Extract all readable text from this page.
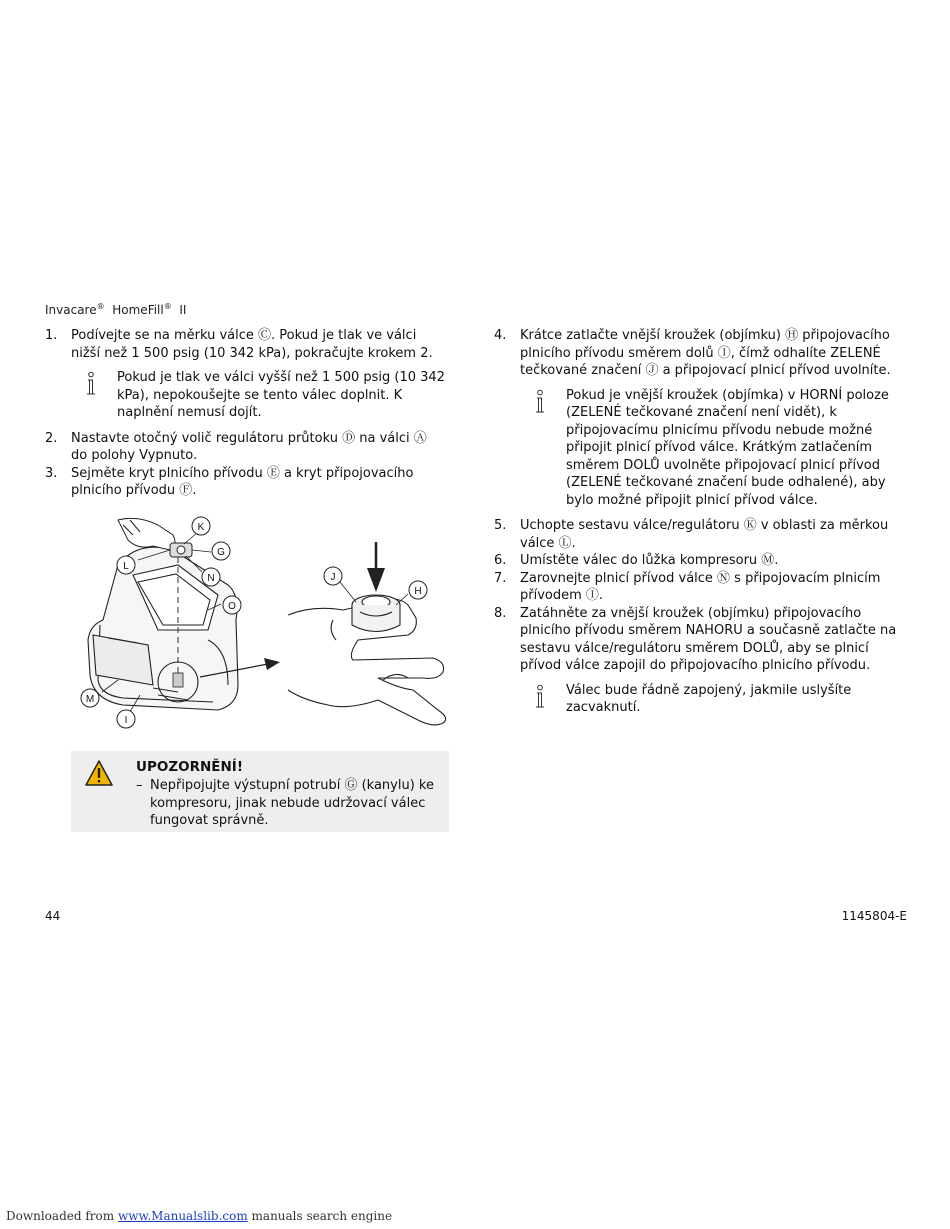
Invacare® HomeFill® II
1. Podívejte se na měrku válce Ⓒ. Pokud je tlak ve válci nižší než 1 500 psig (10 342 kPa), pokračujte krokem 2.
Pokud je tlak ve válci vyšší než 1 500 psig (10 342 kPa), nepokoušejte se tento válec doplnit. K naplnění nemusí dojít.
2. Nastavte otočný volič regulátoru průtoku Ⓓ na válci Ⓐ do polohy Vypnuto.
3. Sejměte kryt plnicího přívodu Ⓔ a kryt připojovacího plnicího přívodu Ⓕ.
K
G
L
N
O
M
I
J
H
UPOZORNĚNÍ!
– Nepřipojujte výstupní potrubí Ⓖ (kanylu) ke kompresoru, jinak nebude udržovací válec fungovat správně.
4. Krátce zatlačte vnější kroužek (objímku) Ⓗ připojovacího plnicího přívodu směrem dolů Ⓘ, čímž odhalíte ZELENÉ tečkované značení Ⓙ a připojovací plnicí přívod uvolníte.
Pokud je vnější kroužek (objímka) v HORNÍ poloze (ZELENÉ tečkované značení není vidět), k připojovacímu plnicímu přívodu nebude možné připojit plnicí přívod válce. Krátkým zatlačením směrem DOLŮ uvolněte připojovací plnicí přívod (ZELENÉ tečkované značení bude odhalené), aby bylo možné připojit plnicí přívod válce.
5. Uchopte sestavu válce/regulátoru Ⓚ v oblasti za měrkou válce Ⓛ.
6. Umístěte válec do lůžka kompresoru Ⓜ.
7. Zarovnejte plnicí přívod válce Ⓝ s připojovacím plnicím přívodem Ⓘ.
8. Zatáhněte za vnější kroužek (objímku) připojovacího plnicího přívodu směrem NAHORU a současně zatlačte na sestavu válce/regulátoru směrem DOLŮ, aby se plnicí přívod válce zapojil do připojovacího plnicího přívodu.
Válec bude řádně zapojený, jakmile uslyšíte zacvaknutí.
44	1145804-E
Downloaded from www.Manualslib.com manuals search engine
